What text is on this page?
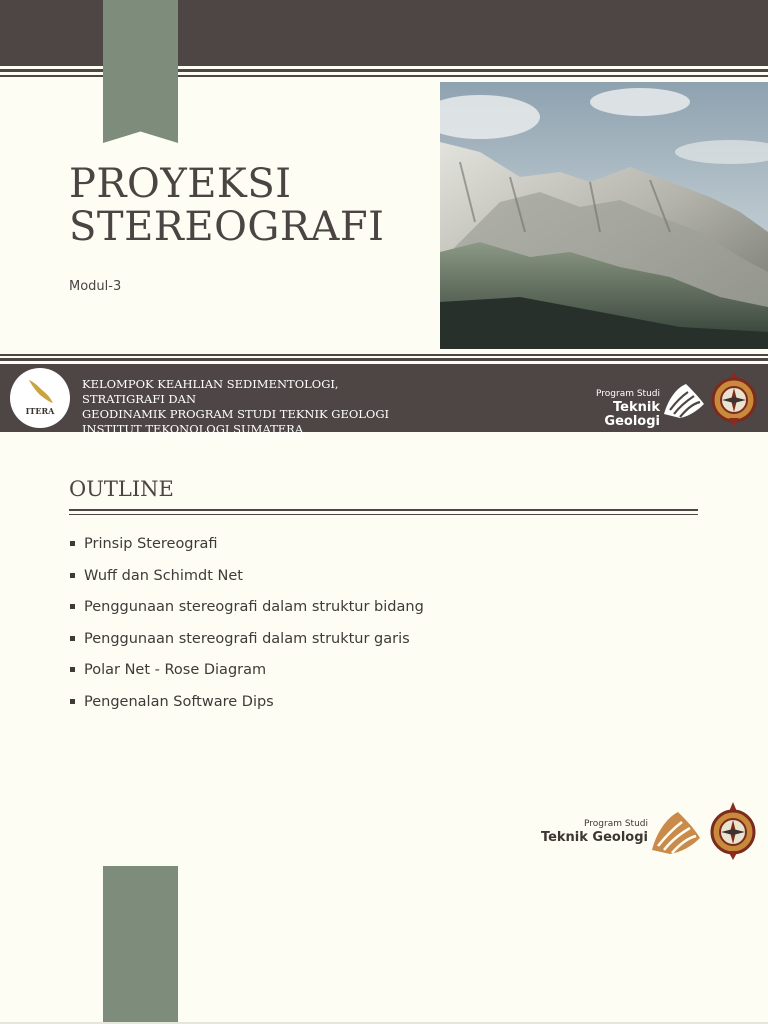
PROYEKSI
STEREOGRAFI
Modul-3
ITERA
KELOMPOK KEAHLIAN SEDIMENTOLOGI, STRATIGRAFI DAN
GEODINAMIK PROGRAM STUDI TEKNIK GEOLOGI
INSTITUT TEKONOLOGI SUMATERA
Program Studi
Teknik Geologi
OUTLINE
Prinsip Stereografi
Wuff dan Schimdt Net
Penggunaan stereografi dalam struktur bidang
Penggunaan stereografi dalam struktur garis
Polar Net - Rose Diagram
Pengenalan Software Dips
Program Studi
Teknik Geologi
